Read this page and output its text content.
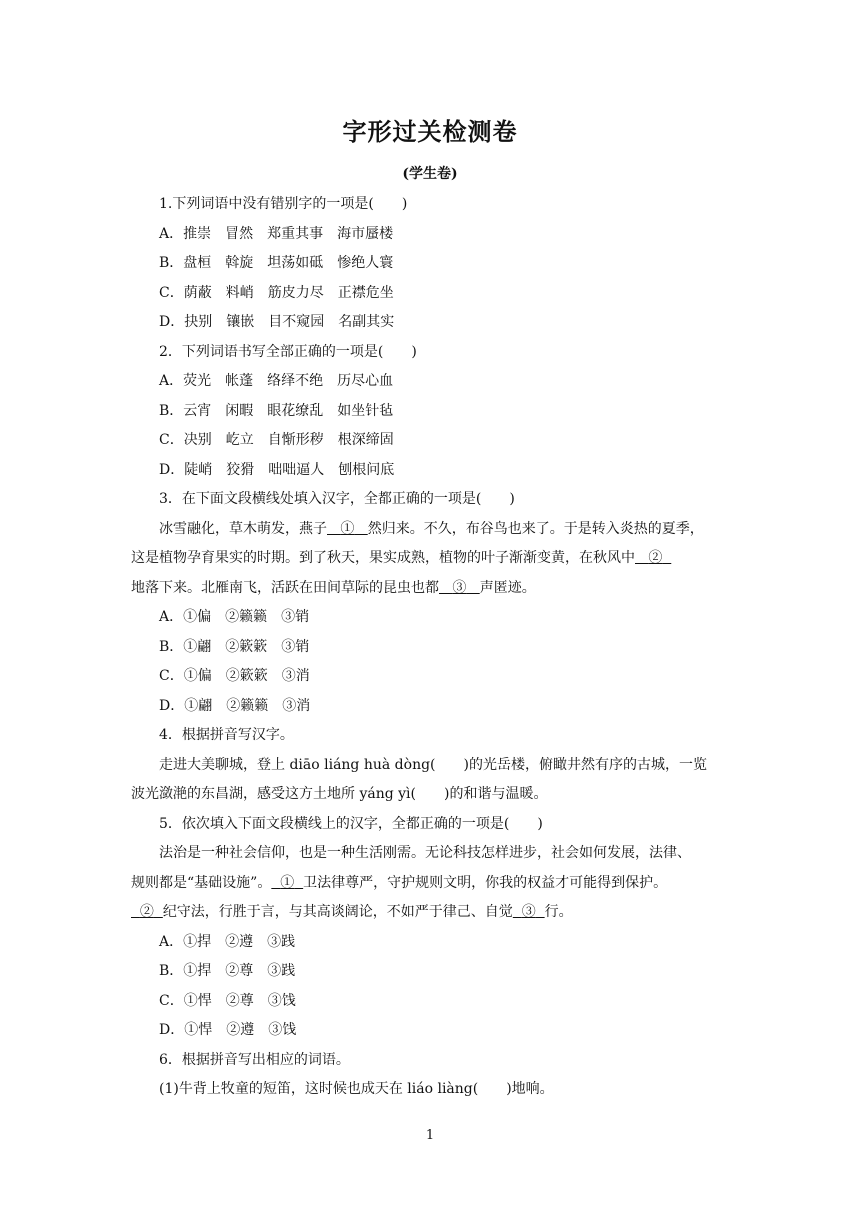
字形过关检测卷
(学生卷)
1.下列词语中没有错别字的一项是(　　)
A．推崇　冒然　郑重其事　海市蜃楼
B．盘桓　斡旋　坦荡如砥　惨绝人寰
C．荫蔽　料峭　筋皮力尽　正襟危坐
D．抉别　镶嵌　目不窥园　名副其实
2．下列词语书写全部正确的一项是(　　)
A．荧光　帐蓬　络绎不绝　历尽心血
B．云宵　闲暇　眼花缭乱　如坐针毡
C．决别　屹立　自惭形秽　根深缔固
D．陡峭　狡猾　咄咄逼人　刨根问底
3．在下面文段横线处填入汉字，全都正确的一项是(　　)
冰雪融化，草木萌发，燕子 ① 然归来。不久，布谷鸟也来了。于是转入炎热的夏季，
这是植物孕育果实的时期。到了秋天，果实成熟，植物的叶子渐渐变黄，在秋风中 ②
地落下来。北雁南飞，活跃在田间草际的昆虫也都 ③ 声匿迹。
A．①偏　②籁籁　③销
B．①翩　②簌簌　③销
C．①偏　②簌簌　③消
D．①翩　②籁籁　③消
4．根据拼音写汉字。
走进大美聊城，登上 diāo liáng huà dòng(　　)的光岳楼，俯瞰井然有序的古城，一览
波光潋滟的东昌湖，感受这方土地所 yáng yì(　　)的和谐与温暖。
5．依次填入下面文段横线上的汉字，全都正确的一项是(　　)
法治是一种社会信仰，也是一种生活刚需。无论科技怎样进步，社会如何发展，法律、
规则都是“基础设施”。 ① 卫法律尊严，守护规则文明，你我的权益才可能得到保护。
② 纪守法，行胜于言，与其高谈阔论，不如严于律己、自觉 ③ 行。
A．①捍　②遵　③践
B．①捍　②尊　③践
C．①悍　②尊　③饯
D．①悍　②遵　③饯
6．根据拼音写出相应的词语。
(1)牛背上牧童的短笛，这时候也成天在 liáo liàng(　　)地响。
1
